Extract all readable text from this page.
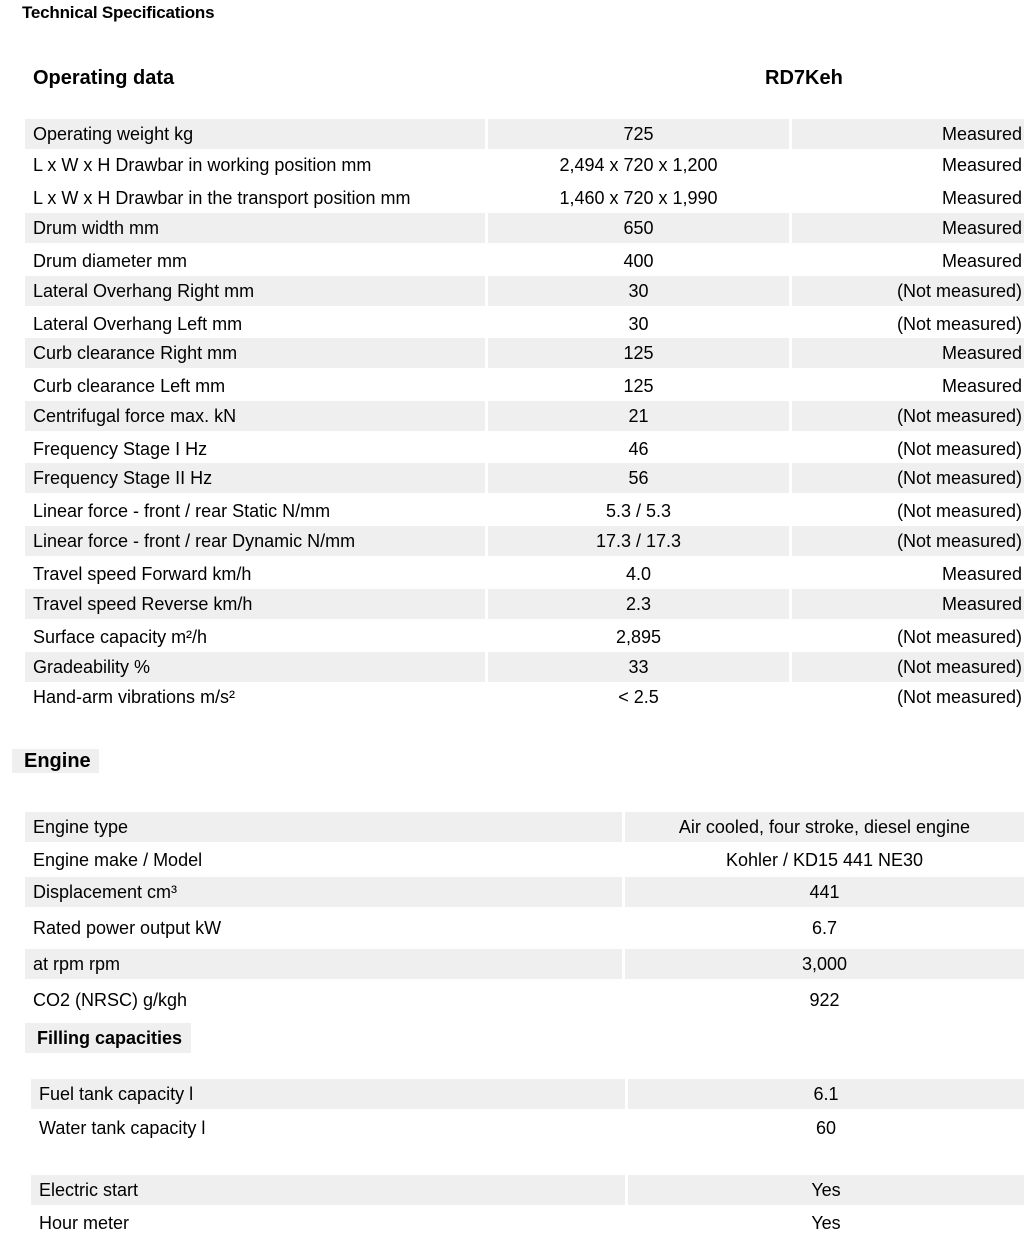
Technical Specifications
Operating data	RD7Keh
Operating weight kg	725	Measured
L x W x H Drawbar in working position mm	2,494 x 720 x 1,200	Measured
L x W x H Drawbar in the transport position mm	1,460 x 720 x 1,990	Measured
Drum width mm	650	Measured
Drum diameter mm	400	Measured
Lateral Overhang Right mm	30	(Not measured)
Lateral Overhang Left mm	30	(Not measured)
Curb clearance Right mm	125	Measured
Curb clearance Left mm	125	Measured
Centrifugal force max. kN	21	(Not measured)
Frequency Stage I Hz	46	(Not measured)
Frequency Stage II Hz	56	(Not measured)
Linear force - front / rear Static N/mm	5.3 / 5.3	(Not measured)
Linear force - front / rear Dynamic N/mm	17.3 / 17.3	(Not measured)
Travel speed Forward km/h	4.0	Measured
Travel speed Reverse km/h	2.3	Measured
Surface capacity m²/h	2,895	(Not measured)
Gradeability %	33	(Not measured)
Hand-arm vibrations m/s²	< 2.5	(Not measured)
Engine
Engine type	Air cooled, four stroke, diesel engine
Engine make / Model	Kohler / KD15 441 NE30
Displacement cm³	441
Rated power output kW	6.7
at rpm rpm	3,000
CO2 (NRSC) g/kgh	922
Filling capacities
Fuel tank capacity l	6.1
Water tank capacity l	60
Electric start	Yes
Hour meter	Yes
